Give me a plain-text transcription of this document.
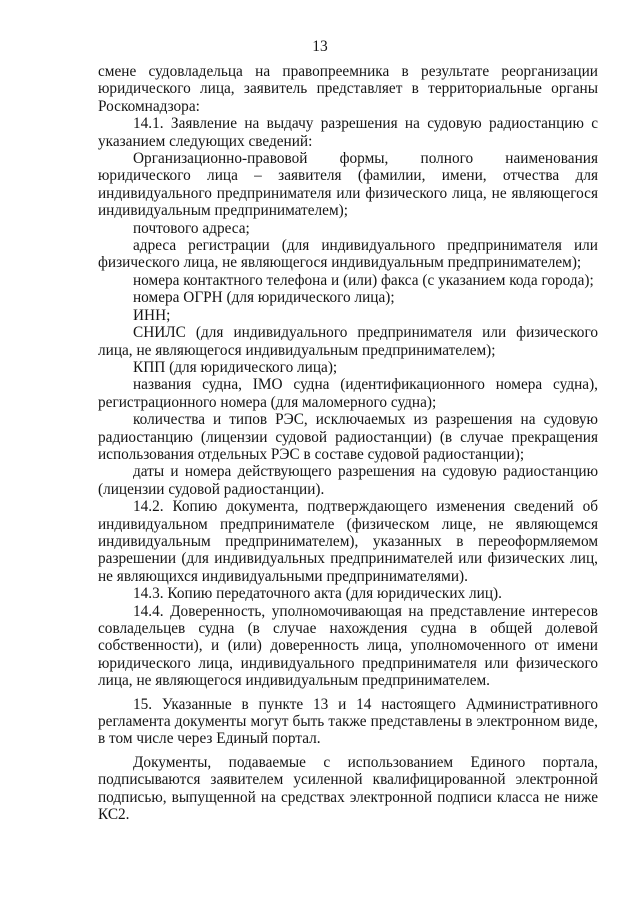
13

смене судовладельца на правопреемника в результате реорганизации юридического лица, заявитель представляет в территориальные органы Роскомнадзора:

14.1. Заявление на выдачу разрешения на судовую радиостанцию с указанием следующих сведений:

Организационно-правовой формы, полного наименования юридического лица – заявителя (фамилии, имени, отчества для индивидуального предпринимателя или физического лица, не являющегося индивидуальным предпринимателем);

почтового адреса;

адреса регистрации (для индивидуального предпринимателя или физического лица, не являющегося индивидуальным предпринимателем);

номера контактного телефона и (или) факса (с указанием кода города);

номера ОГРН (для юридического лица);

ИНН;

СНИЛС (для индивидуального предпринимателя или физического лица, не являющегося индивидуальным предпринимателем);

КПП (для юридического лица);

названия судна, IMO судна (идентификационного номера судна), регистрационного номера (для маломерного судна);

количества и типов РЭС, исключаемых из разрешения на судовую радиостанцию (лицензии судовой радиостанции) (в случае прекращения использования отдельных РЭС в составе судовой радиостанции);

даты и номера действующего разрешения на судовую радиостанцию (лицензии судовой радиостанции).

14.2. Копию документа, подтверждающего изменения сведений об индивидуальном предпринимателе (физическом лице, не являющемся индивидуальным предпринимателем), указанных в переоформляемом разрешении (для индивидуальных предпринимателей или физических лиц, не являющихся индивидуальными предпринимателями).

14.3. Копию передаточного акта (для юридических лиц).

14.4. Доверенность, уполномочивающая на представление интересов совладельцев судна (в случае нахождения судна в общей долевой собственности), и (или) доверенность лица, уполномоченного от имени юридического лица, индивидуального предпринимателя или физического лица, не являющегося индивидуальным предпринимателем.

15. Указанные в пункте 13 и 14 настоящего Административного регламента документы могут быть также представлены в электронном виде, в том числе через Единый портал.

Документы, подаваемые с использованием Единого портала, подписываются заявителем усиленной квалифицированной электронной подписью, выпущенной на средствах электронной подписи класса не ниже КС2.
